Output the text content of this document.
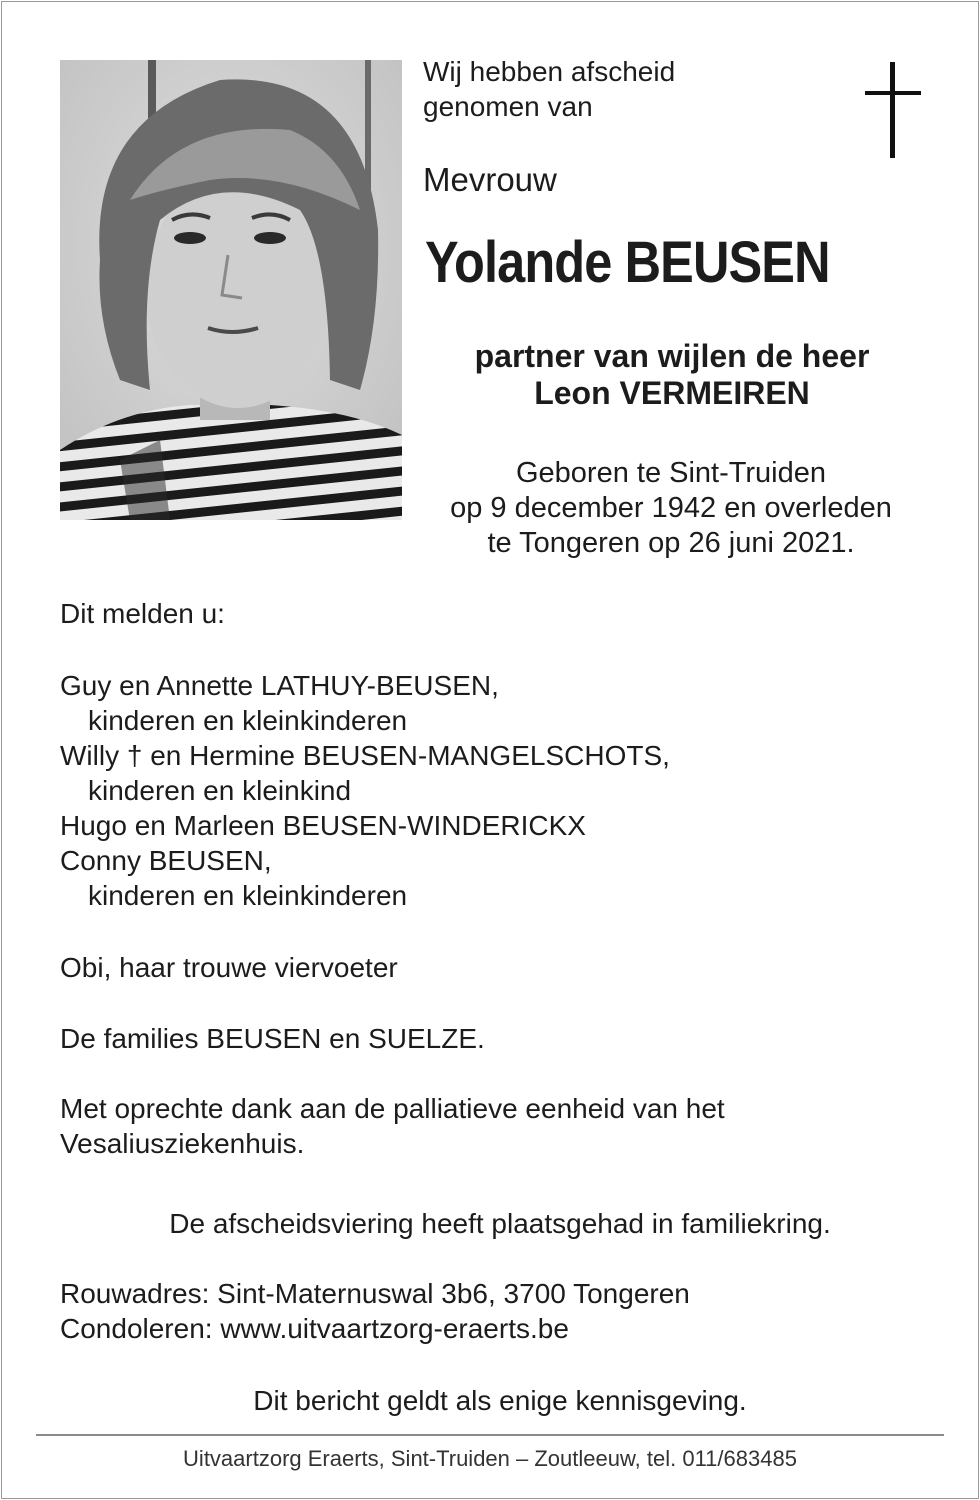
Wij hebben afscheid
genomen van
Mevrouw
Yolande BEUSEN
partner van wijlen de heer
Leon VERMEIREN
Geboren te Sint-Truiden
op 9 december 1942 en overleden
te Tongeren op 26 juni 2021.
Dit melden u:
Guy en Annette LATHUY-BEUSEN,
kinderen en kleinkinderen
Willy † en Hermine BEUSEN-MANGELSCHOTS,
kinderen en kleinkind
Hugo en Marleen BEUSEN-WINDERICKX
Conny BEUSEN,
kinderen en kleinkinderen
Obi, haar trouwe viervoeter
De families BEUSEN en SUELZE.
Met oprechte dank aan de palliatieve eenheid van het
Vesaliusziekenhuis.
De afscheidsviering heeft plaatsgehad in familiekring.
Rouwadres: Sint-Maternuswal 3b6, 3700 Tongeren
Condoleren: www.uitvaartzorg-eraerts.be
Dit bericht geldt als enige kennisgeving.
Uitvaartzorg Eraerts, Sint-Truiden – Zoutleeuw, tel. 011/683485
